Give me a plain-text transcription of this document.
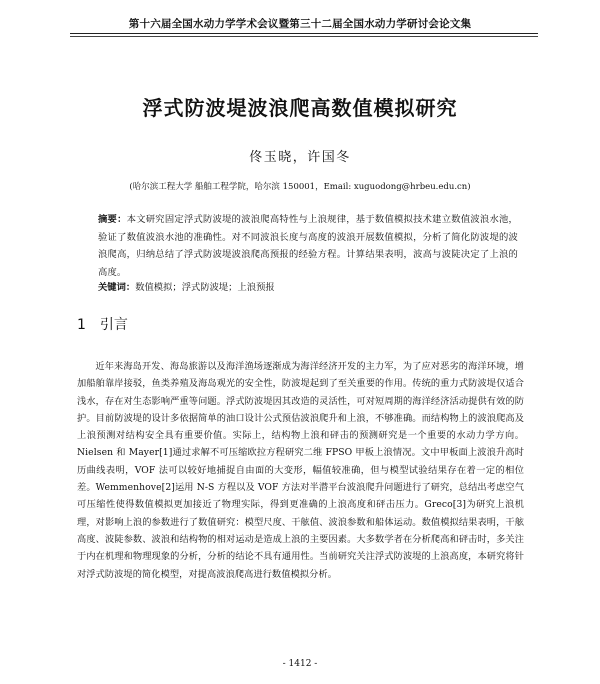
第十六届全国水动力学学术会议暨第三十二届全国水动力学研讨会论文集
浮式防波堤波浪爬高数值模拟研究
佟玉晓，许国冬
(哈尔滨工程大学 船舶工程学院，哈尔滨 150001，Email: xuguodong@hrbeu.edu.cn)
摘要：本文研究固定浮式防波堤的波浪爬高特性与上浪规律，基于数值模拟技术建立数值波浪水池，验证了数值波浪水池的准确性。对不同波浪长度与高度的波浪开展数值模拟，分析了简化防波堤的波浪爬高，归纳总结了浮式防波堤波浪爬高预报的经验方程。计算结果表明，波高与波陡决定了上浪的高度。
关键词：数值模拟；浮式防波堤；上浪预报
1 引言
近年来海岛开发、海岛旅游以及海洋渔场逐渐成为海洋经济开发的主力军，为了应对恶劣的海洋环境，增加船舶靠岸接驳，鱼类养殖及海岛观光的安全性，防波堤起到了至关重要的作用。传统的重力式防波堤仅适合浅水，存在对生态影响严重等问题。浮式防波堤因其改造的灵活性，可对短周期的海洋经济活动提供有效的防护。目前防波堤的设计多依据简单的油口设计公式预估波浪爬升和上浪，不够准确。而结构物上的波浪爬高及上浪预测对结构安全具有重要价值。实际上，结构物上浪和砰击的预测研究是一个重要的水动力学方向。Nielsen 和 Mayer[1]通过求解不可压缩欧拉方程研究二维 FPSO 甲板上浪情况。文中甲板面上波浪升高时历曲线表明，VOF 法可以较好地捕捉自由面的大变形，幅值较准确，但与模型试验结果存在着一定的相位差。Wemmenhove[2]运用 N-S 方程以及 VOF 方法对半潜平台波浪爬升问题进行了研究，总结出考虑空气可压缩性使得数值模拟更加接近了物理实际，得到更准确的上浪高度和砰击压力。Greco[3]为研究上浪机理，对影响上浪的参数进行了数值研究：模型尺度、干舷值、波浪参数和船体运动。数值模拟结果表明，干舷高度、波陡参数、波浪和结构物的相对运动是造成上浪的主要因素。大多数学者在分析爬高和砰击时，多关注于内在机理和物理现象的分析，分析的结论不具有通用性。当前研究关注浮式防波堤的上浪高度，本研究将针对浮式防波堤的简化模型，对提高波浪爬高进行数值模拟分析。
- 1412 -
